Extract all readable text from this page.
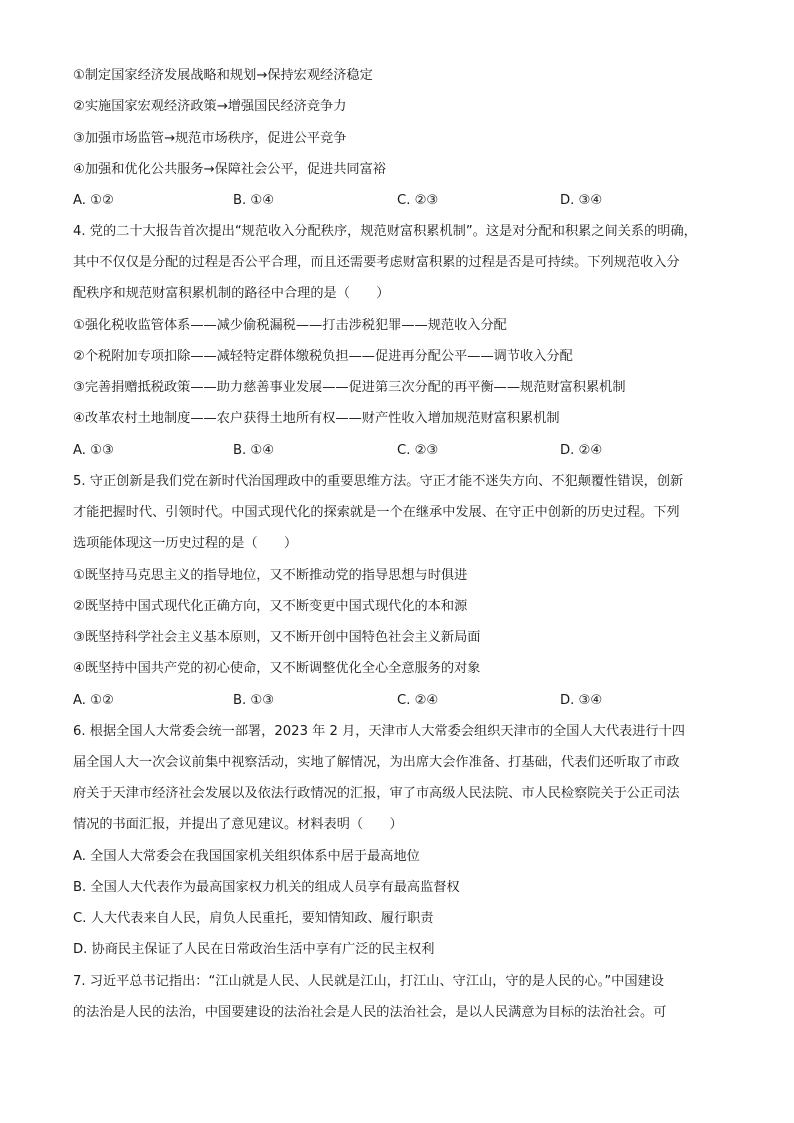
①制定国家经济发展战略和规划→保持宏观经济稳定
②实施国家宏观经济政策→增强国民经济竞争力
③加强市场监管→规范市场秩序，促进公平竞争
④加强和优化公共服务→保障社会公平，促进共同富裕
A. ①②	B. ①④	C. ②③	D. ③④
4. 党的二十大报告首次提出“规范收入分配秩序，规范财富积累机制”。这是对分配和积累之间关系的明确，
其中不仅仅是分配的过程是否公平合理，而且还需要考虑财富积累的过程是否是可持续。下列规范收入分
配秩序和规范财富积累机制的路径中合理的是（　　）
①强化税收监管体系——减少偷税漏税——打击涉税犯罪——规范收入分配
②个税附加专项扣除——减轻特定群体缴税负担——促进再分配公平——调节收入分配
③完善捐赠抵税政策——助力慈善事业发展——促进第三次分配的再平衡——规范财富积累机制
④改革农村土地制度——农户获得土地所有权——财产性收入增加规范财富积累机制
A. ①③	B. ①④	C. ②③	D. ②④
5. 守正创新是我们党在新时代治国理政中的重要思维方法。守正才能不迷失方向、不犯颠覆性错误，创新
才能把握时代、引领时代。中国式现代化的探索就是一个在继承中发展、在守正中创新的历史过程。下列
选项能体现这一历史过程的是（　　）
①既坚持马克思主义的指导地位，又不断推动党的指导思想与时俱进
②既坚持中国式现代化正确方向，又不断变更中国式现代化的本和源
③既坚持科学社会主义基本原则，又不断开创中国特色社会主义新局面
④既坚持中国共产党的初心使命，又不断调整优化全心全意服务的对象
A. ①②	B. ①③	C. ②④	D. ③④
6. 根据全国人大常委会统一部署，2023 年 2 月，天津市人大常委会组织天津市的全国人大代表进行十四
届全国人大一次会议前集中视察活动，实地了解情况，为出席大会作准备、打基础，代表们还听取了市政
府关于天津市经济社会发展以及依法行政情况的汇报，审了市高级人民法院、市人民检察院关于公正司法
情况的书面汇报，并提出了意见建议。材料表明（　　）
A. 全国人大常委会在我国国家机关组织体系中居于最高地位
B. 全国人大代表作为最高国家权力机关的组成人员享有最高监督权
C. 人大代表来自人民，肩负人民重托，要知情知政、履行职责
D. 协商民主保证了人民在日常政治生活中享有广泛的民主权利
7. 习近平总书记指出：“江山就是人民、人民就是江山，打江山、守江山，守的是人民的心。”中国建设
的法治是人民的法治，中国要建设的法治社会是人民的法治社会，是以人民满意为目标的法治社会。可
